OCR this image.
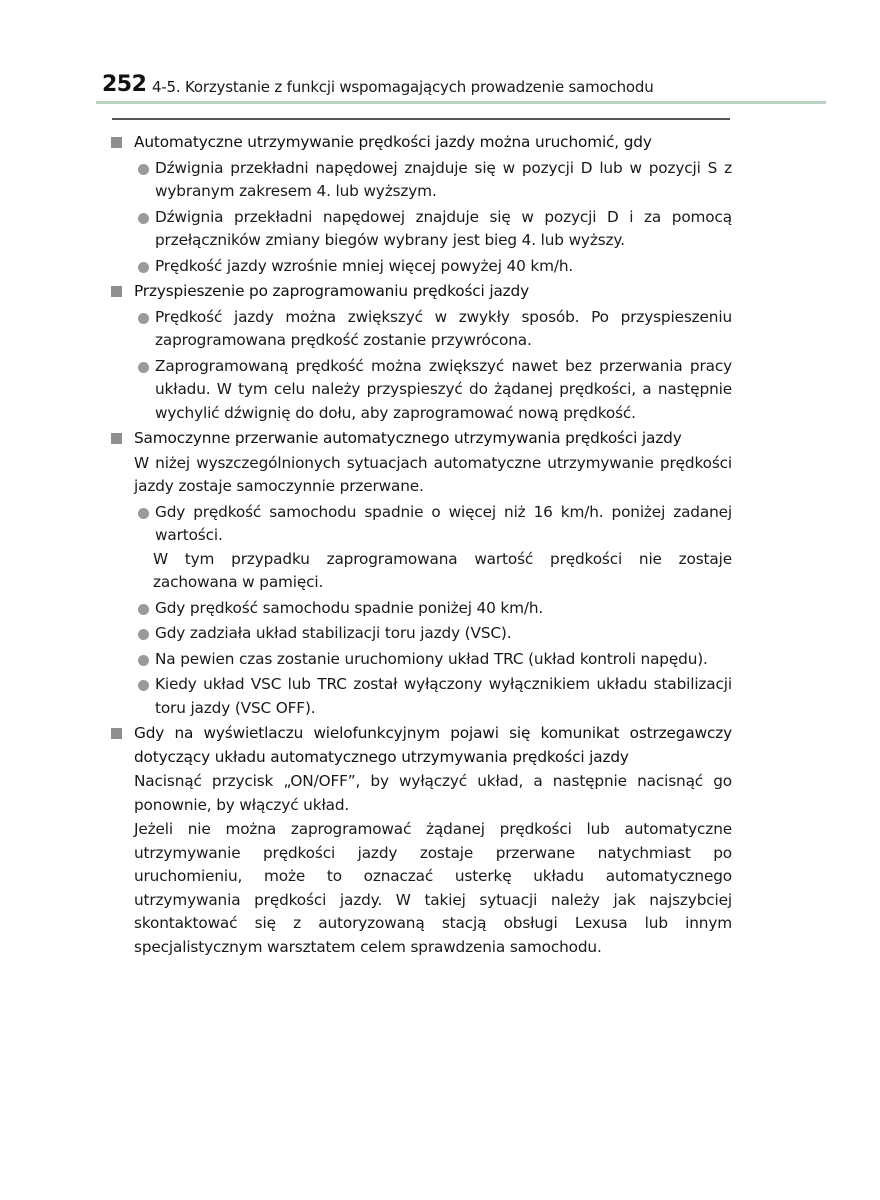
252 4-5. Korzystanie z funkcji wspomagających prowadzenie samochodu
Automatyczne utrzymywanie prędkości jazdy można uruchomić, gdy
Dźwignia przekładni napędowej znajduje się w pozycji D lub w pozycji S z wybranym zakresem 4. lub wyższym.
Dźwignia przekładni napędowej znajduje się w pozycji D i za pomocą przełączników zmiany biegów wybrany jest bieg 4. lub wyższy.
Prędkość jazdy wzrośnie mniej więcej powyżej 40 km/h.
Przyspieszenie po zaprogramowaniu prędkości jazdy
Prędkość jazdy można zwiększyć w zwykły sposób. Po przyspieszeniu zaprogramowana prędkość zostanie przywrócona.
Zaprogramowaną prędkość można zwiększyć nawet bez przerwania pracy układu. W tym celu należy przyspieszyć do żądanej prędkości, a następnie wychylić dźwignię do dołu, aby zaprogramować nową prędkość.
Samoczynne przerwanie automatycznego utrzymywania prędkości jazdy
W niżej wyszczególnionych sytuacjach automatyczne utrzymywanie prędkości jazdy zostaje samoczynnie przerwane.
Gdy prędkość samochodu spadnie o więcej niż 16 km/h. poniżej zadanej wartości.
W tym przypadku zaprogramowana wartość prędkości nie zostaje zachowana w pamięci.
Gdy prędkość samochodu spadnie poniżej 40 km/h.
Gdy zadziała układ stabilizacji toru jazdy (VSC).
Na pewien czas zostanie uruchomiony układ TRC (układ kontroli napędu).
Kiedy układ VSC lub TRC został wyłączony wyłącznikiem układu stabilizacji toru jazdy (VSC OFF).
Gdy na wyświetlaczu wielofunkcyjnym pojawi się komunikat ostrzegawczy dotyczący układu automatycznego utrzymywania prędkości jazdy
Nacisnąć przycisk „ON/OFF”, by wyłączyć układ, a następnie nacisnąć go ponownie, by włączyć układ.
Jeżeli nie można zaprogramować żądanej prędkości lub automatyczne utrzymywanie prędkości jazdy zostaje przerwane natychmiast po uruchomieniu, może to oznaczać usterkę układu automatycznego utrzymywania prędkości jazdy. W takiej sytuacji należy jak najszybciej skontaktować się z autoryzowaną stacją obsługi Lexusa lub innym specjalistycznym warsztatem celem sprawdzenia samochodu.
